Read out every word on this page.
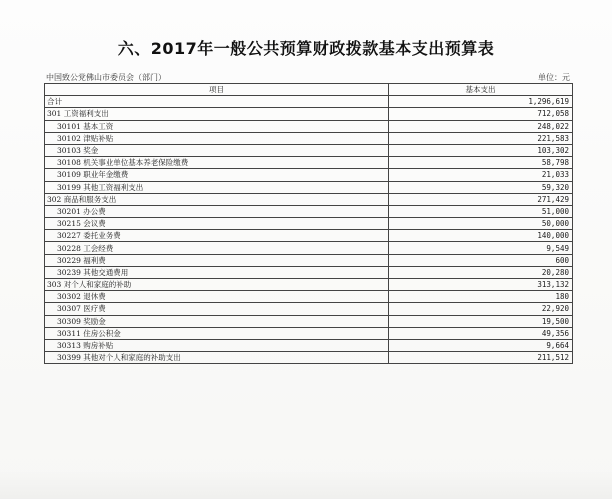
六、2017年一般公共预算财政拨款基本支出预算表
中国致公党佛山市委员会（部门）	单位：元
项目	基本支出
合计	1,296,619
301 工资福利支出	712,058
30101 基本工资	248,022
30102 津贴补贴	221,583
30103 奖金	103,302
30108 机关事业单位基本养老保险缴费	58,798
30109 职业年金缴费	21,033
30199 其他工资福利支出	59,320
302 商品和服务支出	271,429
30201 办公费	51,000
30215 会议费	50,000
30227 委托业务费	140,000
30228 工会经费	9,549
30229 福利费	600
30239 其他交通费用	20,280
303 对个人和家庭的补助	313,132
30302 退休费	180
30307 医疗费	22,920
30309 奖励金	19,500
30311 住房公积金	49,356
30313 购房补贴	9,664
30399 其他对个人和家庭的补助支出	211,512
